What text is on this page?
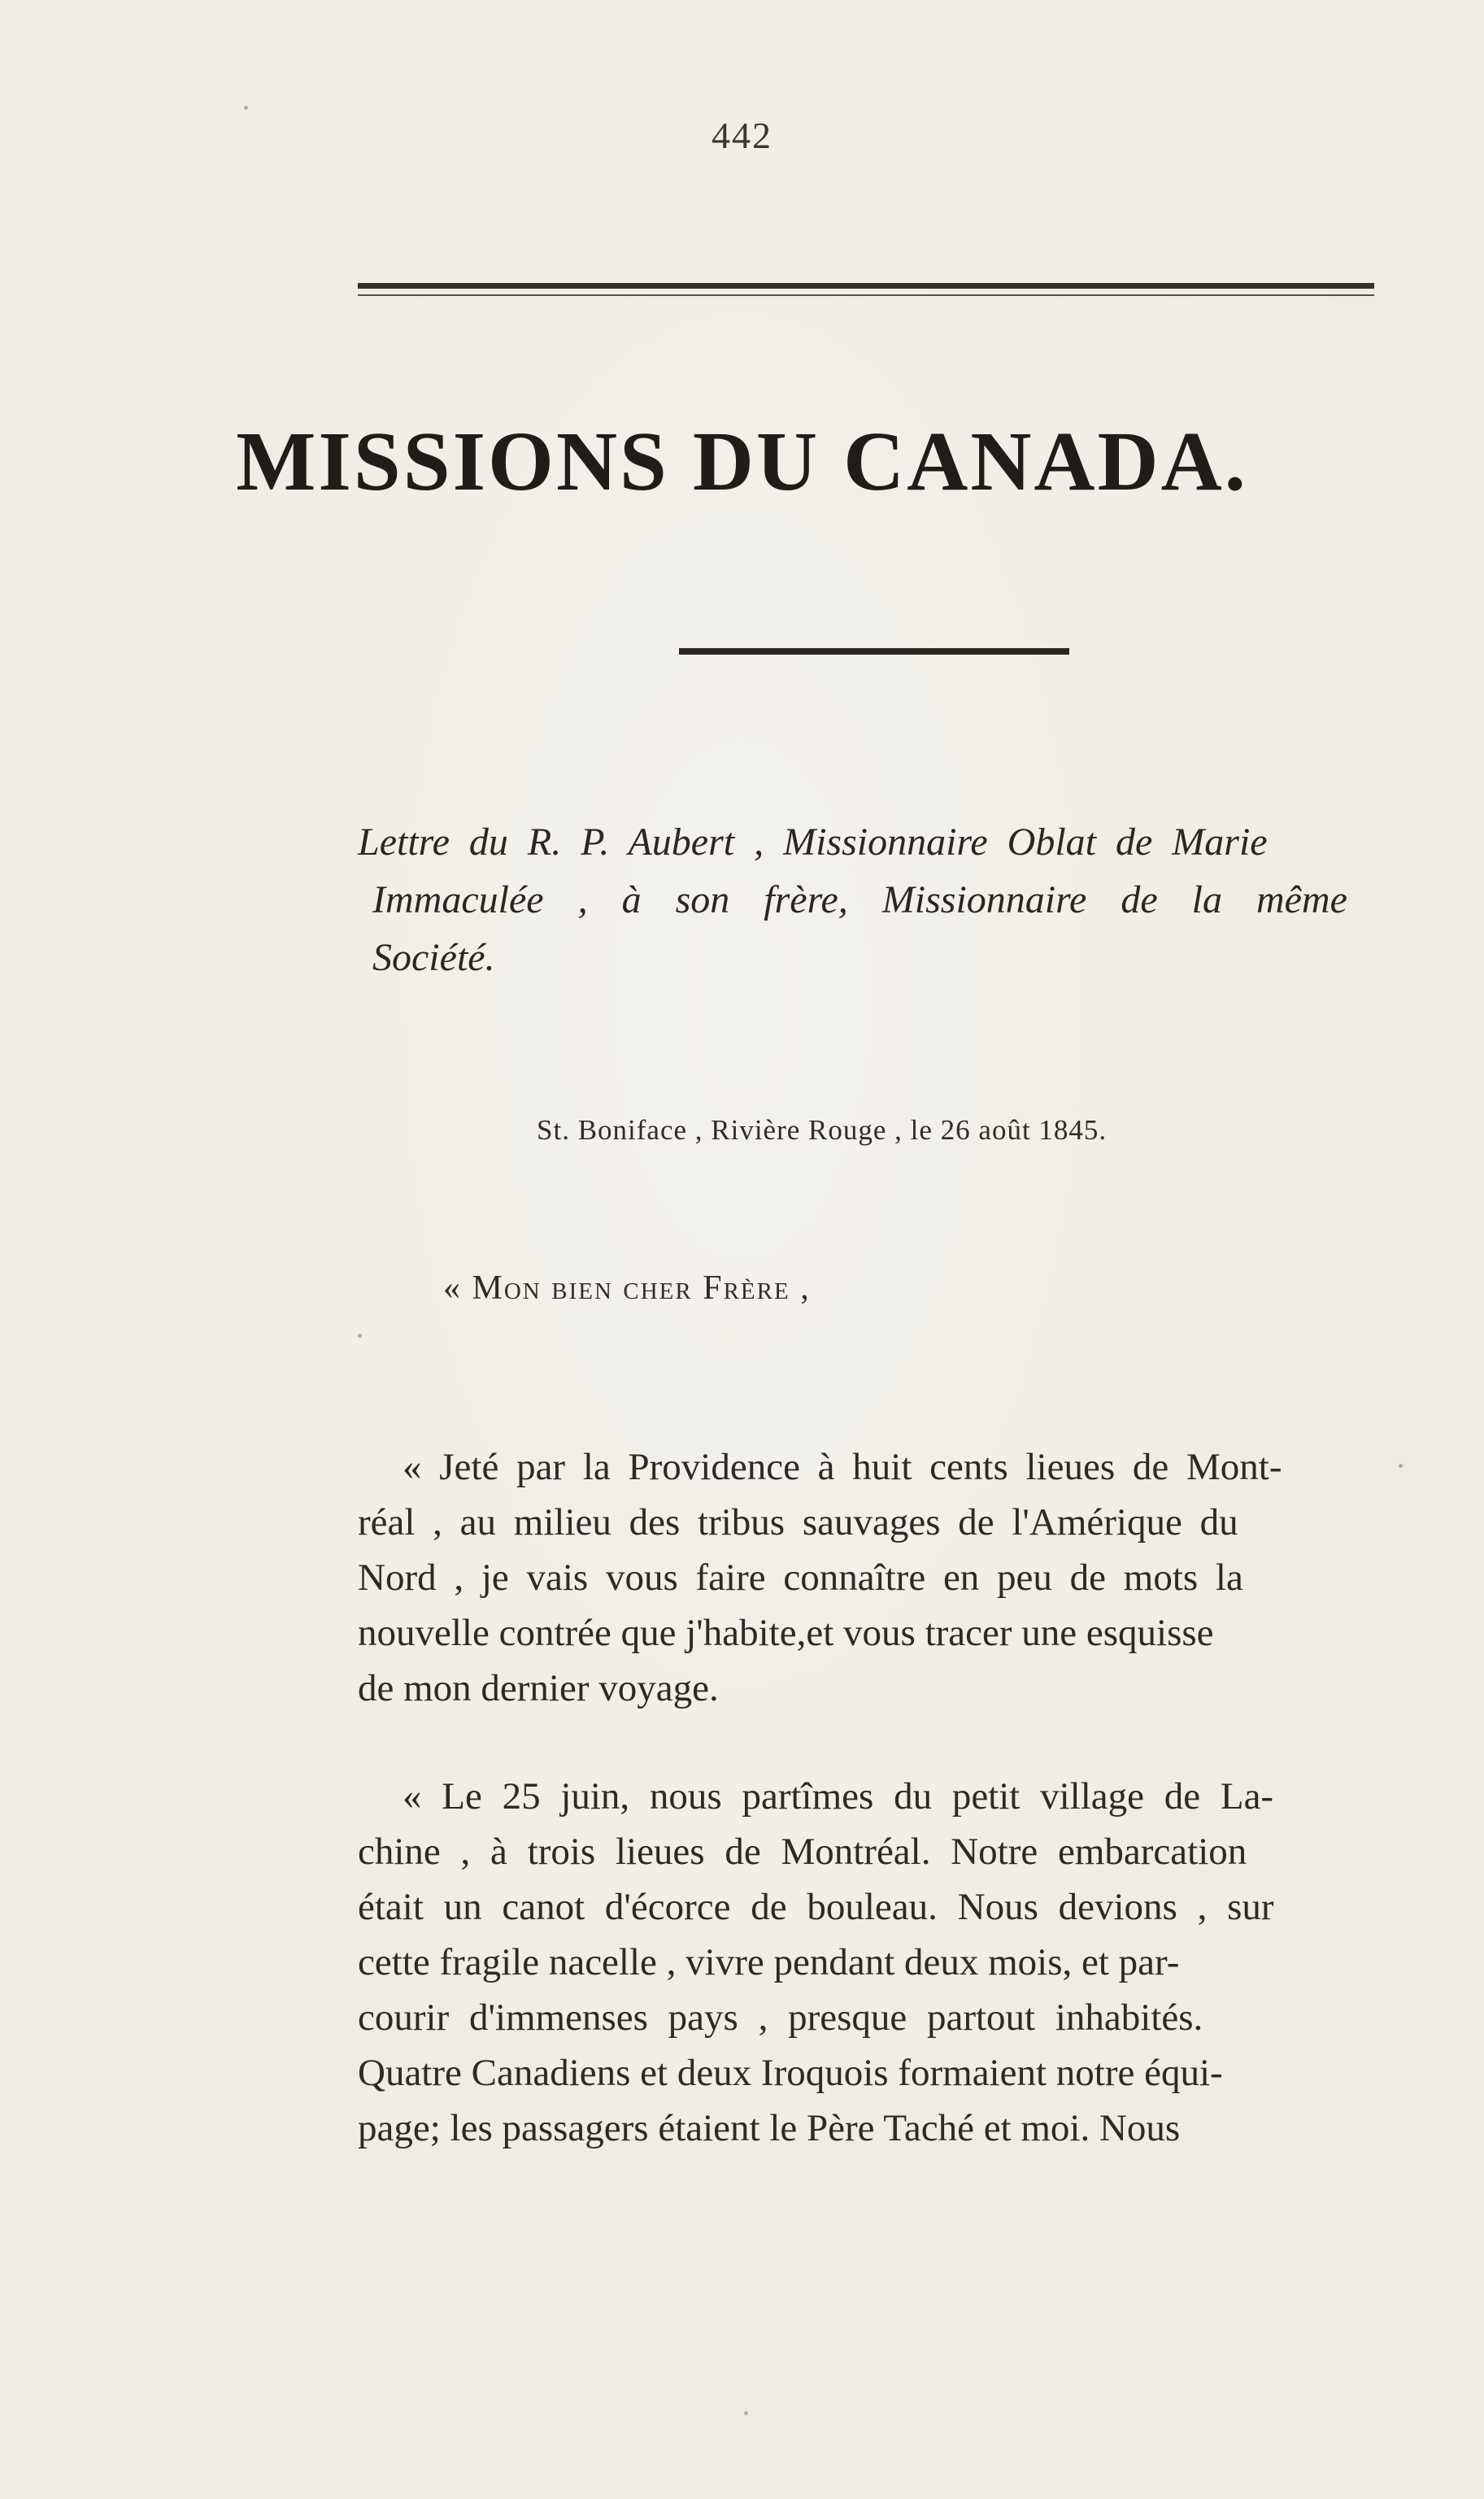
442
MISSIONS DU CANADA.
Lettre du R. P. Aubert , Missionnaire Oblat de Marie
Immaculée , à son frère, Missionnaire de la même
Société.
St. Boniface , Rivière Rouge , le 26 août 1845.
« Mon bien cher Frère ,
« Jeté par la Providence à huit cents lieues de Mont-
réal , au milieu des tribus sauvages de l'Amérique du
Nord , je vais vous faire connaître en peu de mots la
nouvelle contrée que j'habite,et vous tracer une esquisse
de mon dernier voyage.
« Le 25 juin, nous partîmes du petit village de La-
chine , à trois lieues de Montréal. Notre embarcation
était un canot d'écorce de bouleau. Nous devions , sur
cette fragile nacelle , vivre pendant deux mois, et par-
courir d'immenses pays , presque partout inhabités.
Quatre Canadiens et deux Iroquois formaient notre équi-
page; les passagers étaient le Père Taché et moi. Nous
